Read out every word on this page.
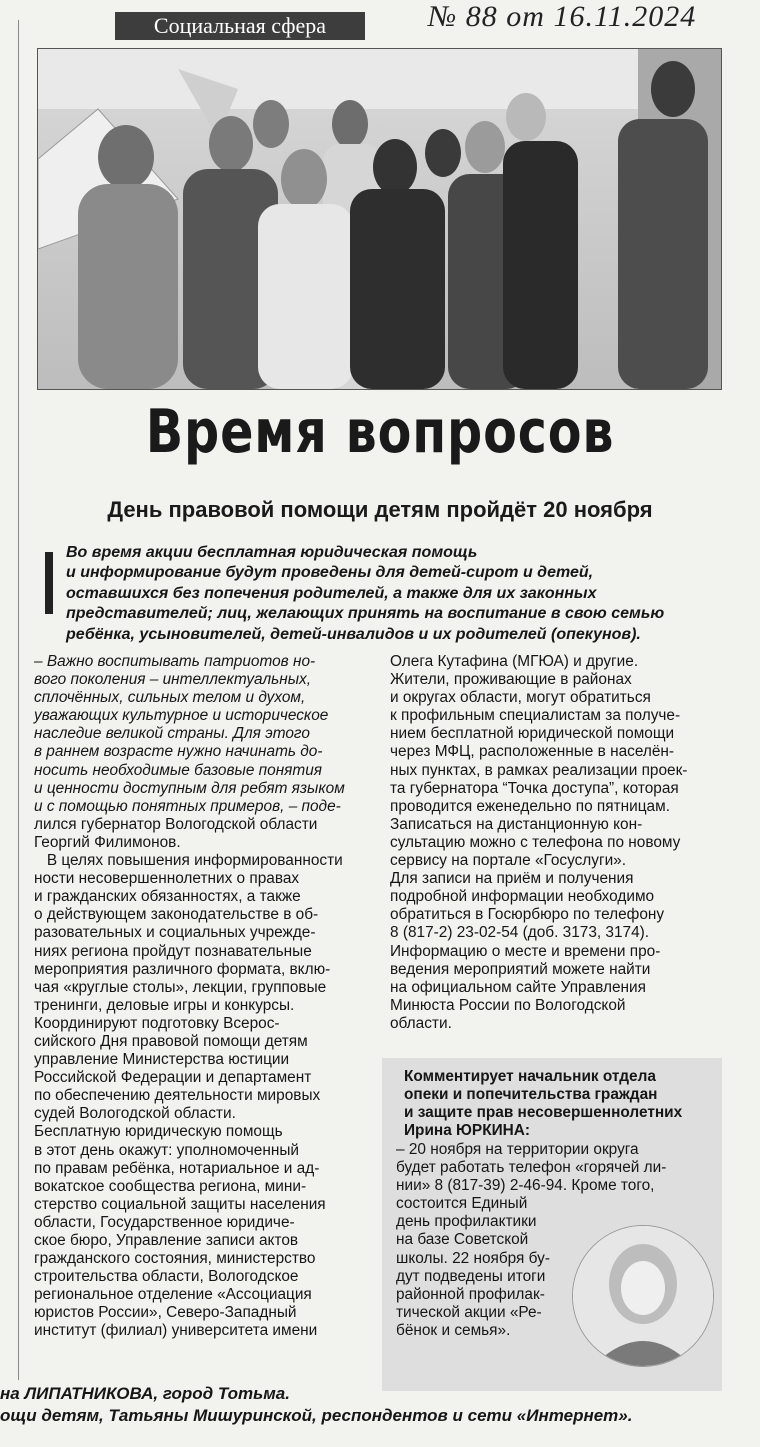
Социальная сфера	№ 88 от 16.11.2024
Время вопросов
День правовой помощи детям пройдёт 20 ноября

Во время акции бесплатная юридическая помощь

и информирование будут проведены для детей-сирот и детей,

оставшихся без попечения родителей, а также для их законных

представителей; лиц, желающих принять на воспитание в свою семью

ребёнка, усыновителей, детей-инвалидов и их родителей (опекунов).

– Важно воспитывать патриотов но-

вого поколения – интеллектуальных,

сплочённых, сильных телом и духом,

уважающих культурное и историческое

наследие великой страны. Для этого

в раннем возрасте нужно начинать до-

носить необходимые базовые понятия

и ценности доступным для ребят языком

и с помощью понятных примеров, – поде-

лился губернатор Вологодской области

Георгий Филимонов.

В целях повышения информированности

ности несовершеннолетних о правах

и гражданских обязанностях, а также

о действующем законодательстве в об-

разовательных и социальных учрежде-

ниях региона пройдут познавательные

мероприятия различного формата, вклю-

чая «круглые столы», лекции, групповые

тренинги, деловые игры и конкурсы.

Координируют подготовку Всерос-

сийского Дня правовой помощи детям

управление Министерства юстиции

Российской Федерации и департамент

по обеспечению деятельности мировых

судей Вологодской области.

Бесплатную юридическую помощь

в этот день окажут: уполномоченный

по правам ребёнка, нотариальное и ад-

вокатское сообщества региона, мини-

стерство социальной защиты населения

области, Государственное юридиче-

ское бюро, Управление записи актов

гражданского состояния, министерство

строительства области, Вологодское

региональное отделение «Ассоциация

юристов России», Северо-Западный

институт (филиал) университета имени

Олега Кутафина (МГЮА) и другие.

Жители, проживающие в районах

и округах области, могут обратиться

к профильным специалистам за получе-

нием бесплатной юридической помощи

через МФЦ, расположенные в населён-

ных пунктах, в рамках реализации проек-

та губернатора “Точка доступа”, которая

проводится еженедельно по пятницам.

Записаться на дистанционную кон-

сультацию можно с телефона по новому

сервису на портале «Госуслуги».

Для записи на приём и получения

подробной информации необходимо

обратиться в Госюрбюро по телефону

8 (817-2) 23-02-54 (доб. 3173, 3174).

Информацию о месте и времени про-

ведения мероприятий можете найти

на официальном сайте Управления

Минюста России по Вологодской

области.

Комментирует начальник отдела

опеки и попечительства граждан

и защите прав несовершеннолетних

Ирина ЮРКИНА:

– 20 ноября на территории округа

будет работать телефон «горячей ли-

нии» 8 (817-39) 2-46-94. Кроме того,

состоится Единый

день профилактики

на базе Советской

школы. 22 ноября бу-

дут подведены итоги

районной профилак-

тической акции «Ре-

бёнок и семья».

на ЛИПАТНИКОВА, город Тотьма.

ощи детям, Татьяны Мишуринской, респондентов и сети «Интернет».
